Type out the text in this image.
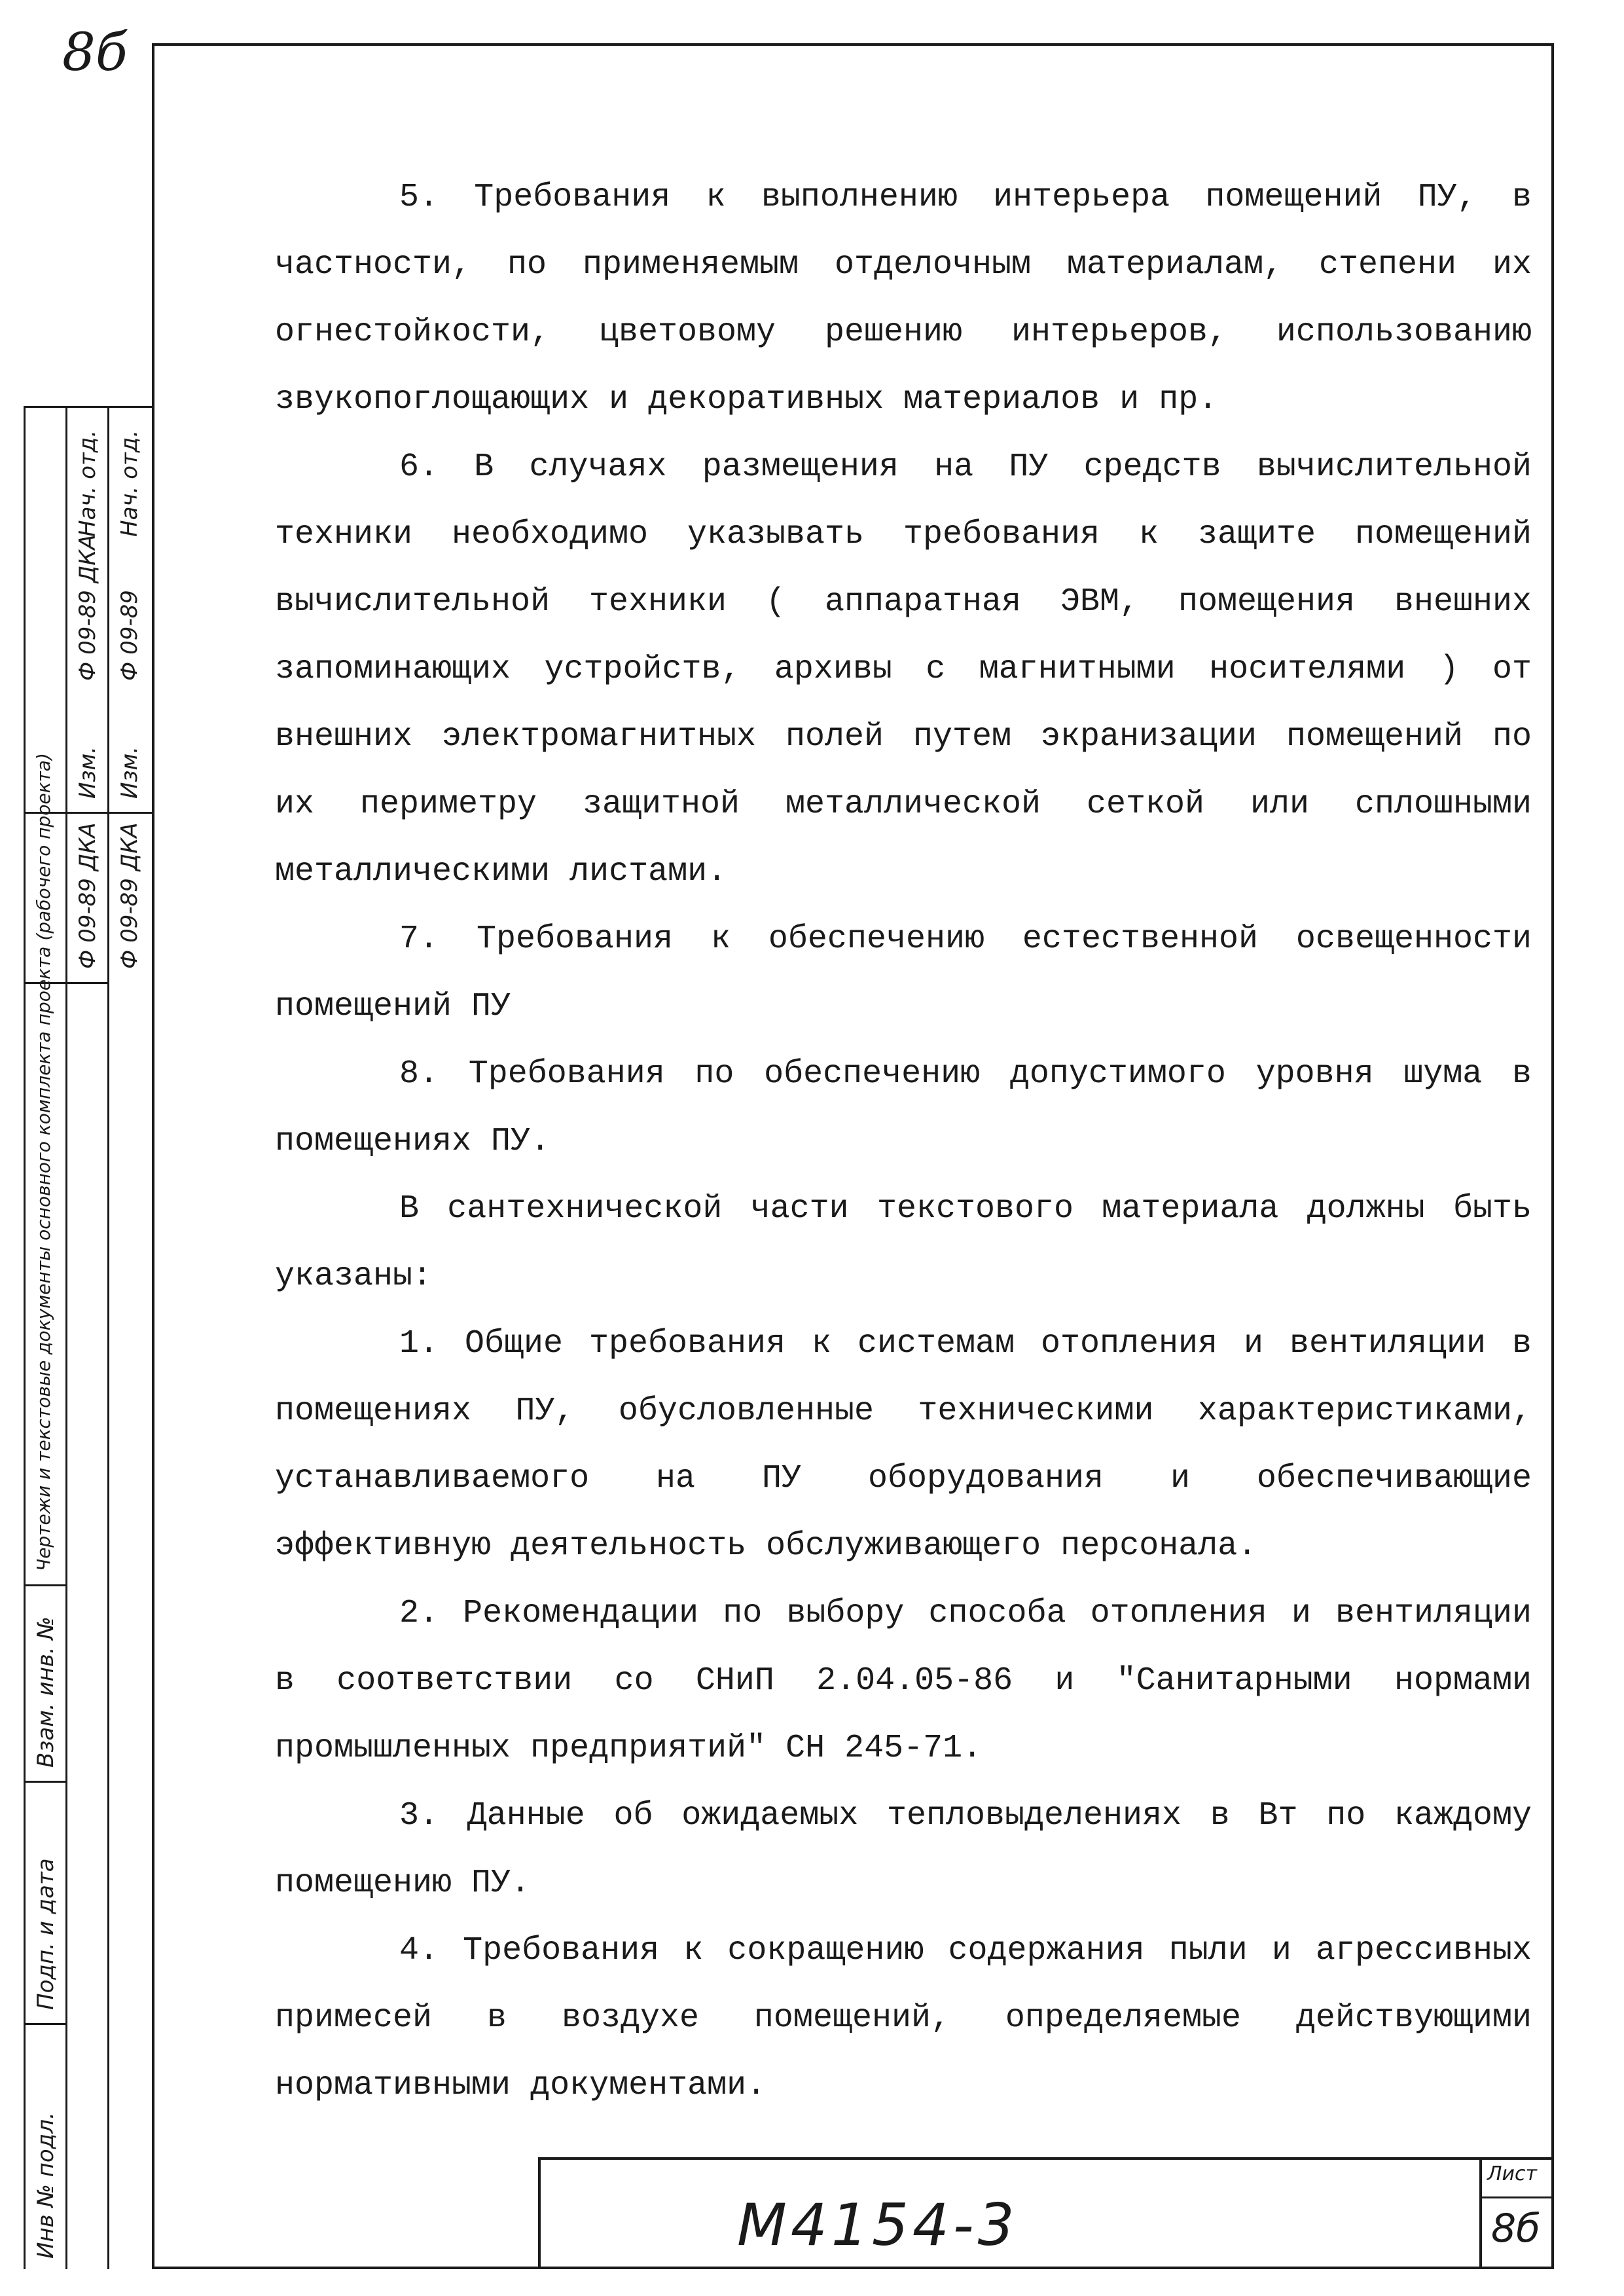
8б
Инв № подл.
Подп. и дата
Взам. инв. №
Чертежи и текстовые документы основного комплекта проекта (рабочего проекта) Ф 09-89 ДКА
Изм.
Ф 09-89 ДКА
Нач. отд.
Ф 09-89 ДКА
Изм.
Ф 09-89
Нач. отд.

5. Требования к выполнению интерьера помещений ПУ, в частности, по применяемым отделочным материалам, степени их огнестойкости, цветовому решению интерьеров, использованию звукопоглощающих и декоративных материалов и пр.

6. В случаях размещения на ПУ средств вычислительной техники необходимо указывать требования к защите помещений вычислительной техники ( аппаратная ЭВМ, помещения внешних запоминающих устройств, архивы с магнитными носителями ) от внешних электромагнитных полей путем экранизации помещений по их периметру защитной металлической сеткой или сплошными металлическими листами.

7. Требования к обеспечению естественной освещенности помещений ПУ

8. Требования по обеспечению допустимого уровня шума в помещениях ПУ.

В сантехнической части текстового материала должны быть указаны:

1. Общие требования к системам отопления и вентиляции в помещениях ПУ, обусловленные техническими характеристиками, устанавливаемого на ПУ оборудования и обеспечивающие эффективную деятельность обслуживающего персонала.

2. Рекомендации по выбору способа отопления и вентиляции в соответствии со СНиП 2.04.05-86 и "Санитарными нормами промышленных предприятий" СН 245-71.

3. Данные об ожидаемых тепловыделениях в Вт по каждому помещению ПУ.

4. Требования к сокращению содержания пыли и агрессивных примесей в воздухе помещений, определяемые действующими нормативными документами.

М4154-3
Лист
8б
